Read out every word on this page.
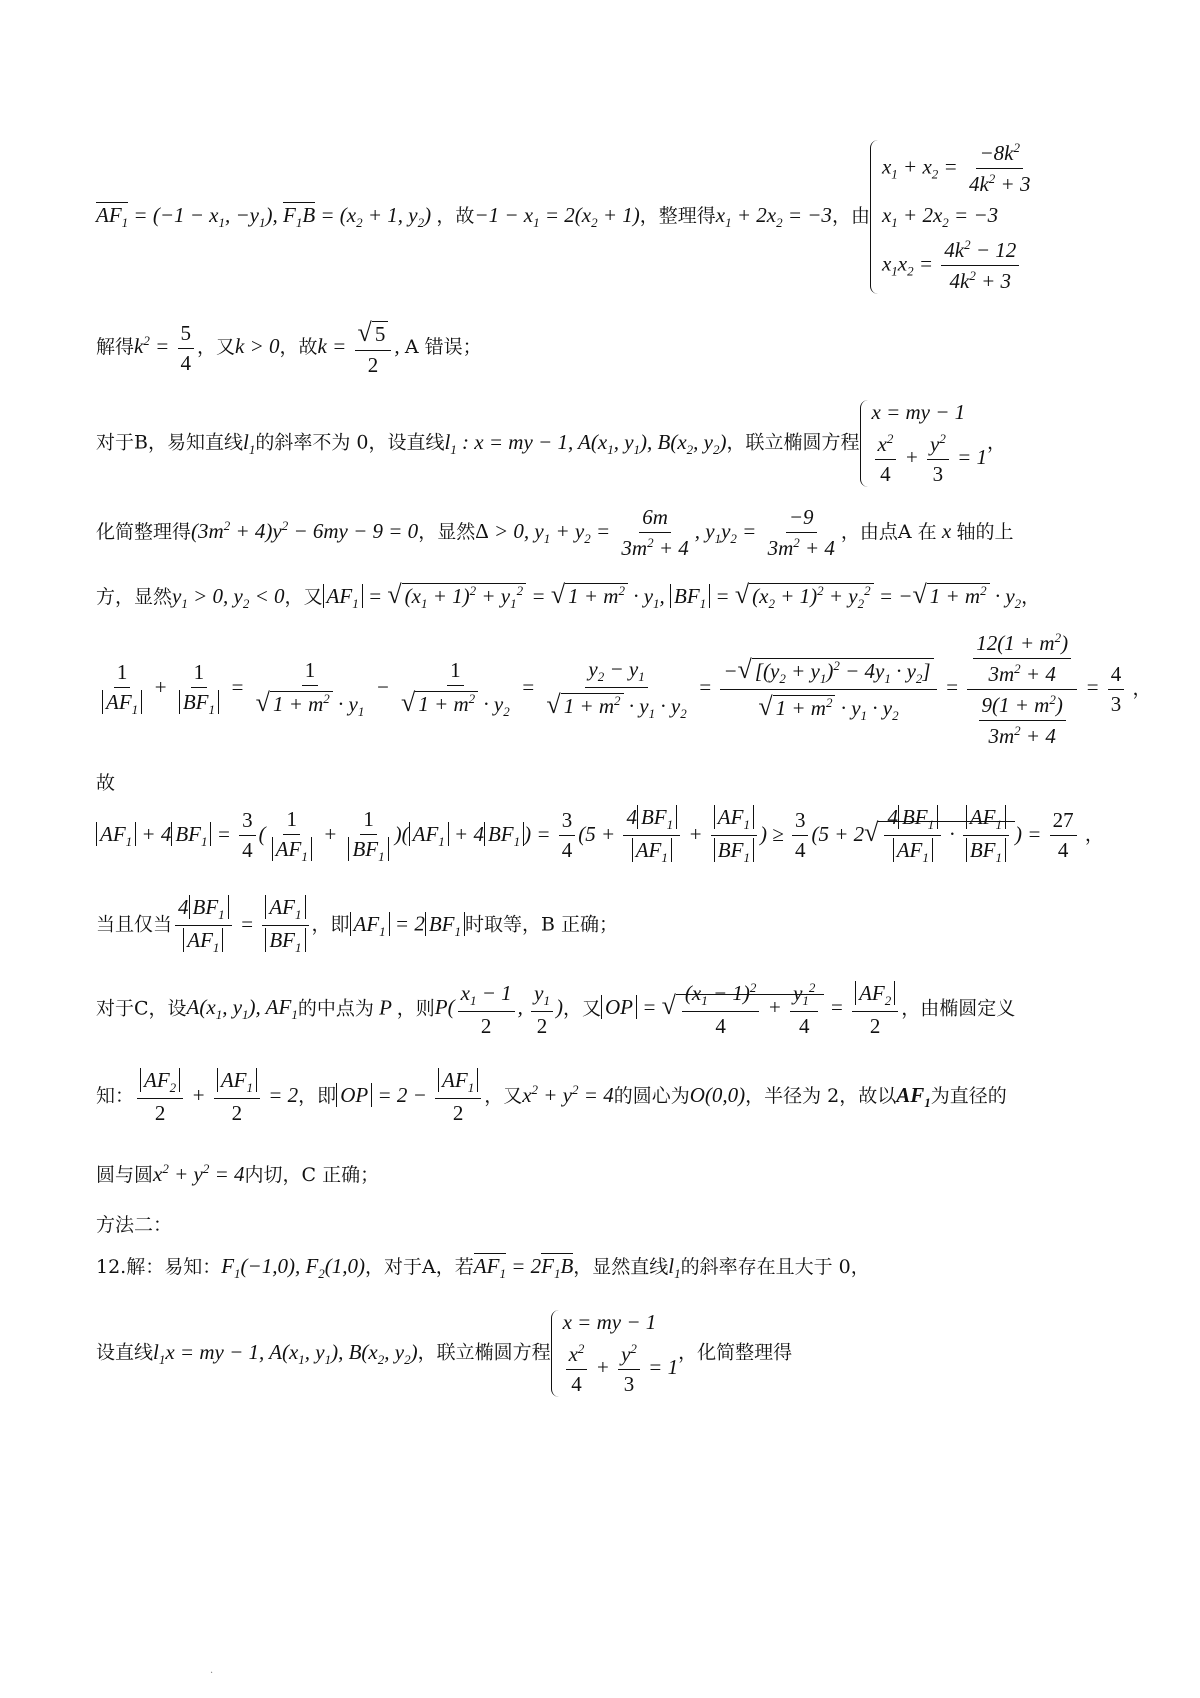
$AF_1 = (-1 - x_1$, $-y_1$), $F_1B = (x_2 + 1$, $y_2$) ，故$-1 - x_1 = 2(x_2 + 1)$，整理得$x_1 + 2x_2 = -3$，由
$x_1 + x_2 = \frac{-8k^2}{4k^2 + 3}$
$x_1 + 2x_2 = -3$
$x_1x_2 = \frac{4k^2 - 12}{4k^2 + 3}$
解得$k^2 = \frac{5}{4}$ ，又k > 0，故$k = \frac{√ 5}{2}$ , A 错误；
对于B，易知直线$l_1$的斜率不为 0，设直线$l_1$ : x = my − 1, $A(x_1$, $y_1$), $B(x_2$, $y_2$)，联立椭圆方程
x = my − 1
$\frac{x^2}{4} + \frac{y^2}{3} = 1$
，
化简整理得$(3m^2 + 4)y^2 - 6my - 9 = 0$，显然Δ > 0, $y_1 + y_2 = \frac{6m}{3m^2 + 4}$ , $y_1y_2 = \frac{-9}{3m^2 + 4}$ ，由点A 在 x 轴的上
方，显然$y_1 > 0$, $y_2 < 0$，又 $AF_1$ = √ $(x_1 + 1)^2 + y_1^2$ = √ $1 + m^2 \cdot y_1$, $BF_1$ = √ $(x_2 + 1)^2 + y_2^2$ = −√ $1 + m^2 \cdot y_2$，
$\frac{1}{AF_1} + \frac{1}{BF_1} = \frac{1}{√ 1 + m^2 \cdot y_1} - \frac{1}{√ 1 + m^2 \cdot y_2} = \frac{y_2 - y_1}{√ 1 + m^2 \cdot y_1 \cdot y_2} = \frac{-√ [(y_2 + y_1)^2 - 4y_1 \cdot y_2]}{√ 1 + m^2 \cdot y_1 \cdot y_2} = \frac{\frac{12(1 + m^2)}{3m^2 + 4}}{\frac{9(1 + m^2)}{3m^2 + 4}} = \frac{4}{3}$ ，
故
$AF_1 + 4$ $BF_1 = \frac{3}{4}$ ( $\frac{1}{AF_1} + \frac{1}{BF_1}$ )( $AF_1 + 4$ $BF_1$ ) = $\frac{3}{4} (5 + \frac{4 BF_1}{AF_1} + \frac{AF_1}{BF_1}$ ) ≥ $\frac{3}{4} (5 + 2√ \frac{4 BF_1}{AF_1} \cdot \frac{AF_1}{BF_1}$ ) = $\frac{27}{4}$ ，
当且仅当 $\frac{4 BF_1}{AF_1} = \frac{AF_1}{BF_1}$ ，即 $AF_1 = 2$ $BF_1$ 时取等，B 正确；
对于C，设$A(x_1$, $y_1$), $AF_1$的中点为 P ，则$P( \frac{x_1 - 1}{2}$ , $\frac{y_1}{2}$ )，又 OP = √ $\frac{(x_1 - 1)^2}{4} + \frac{y_1^2}{4} = \frac{AF_2}{2}$ ，由椭圆定义
知： $\frac{AF_2}{2} + \frac{AF_1}{2} = 2$，即 OP = $2 - \frac{AF_1}{2}$ ，又$x^2 + y^2 = 4$的圆心为O(0,0)，半径为 2，故以$AF_1$为直径的
圆与圆$x^2 + y^2 = 4$内切，C 正确；
方法二：
12.解：易知：$F_1(-1,0)$, $F_2(1,0)$，对于A，若$AF_1 = 2F_1B$，显然直线$l_1$的斜率存在且大于 0，
设直线$l_1x$ = my − 1, $A(x_1$, $y_1$), $B(x_2$, $y_2$)，联立椭圆方程
x = my − 1
$\frac{x^2}{4} + \frac{y^2}{3} = 1$
，化简整理得
·
